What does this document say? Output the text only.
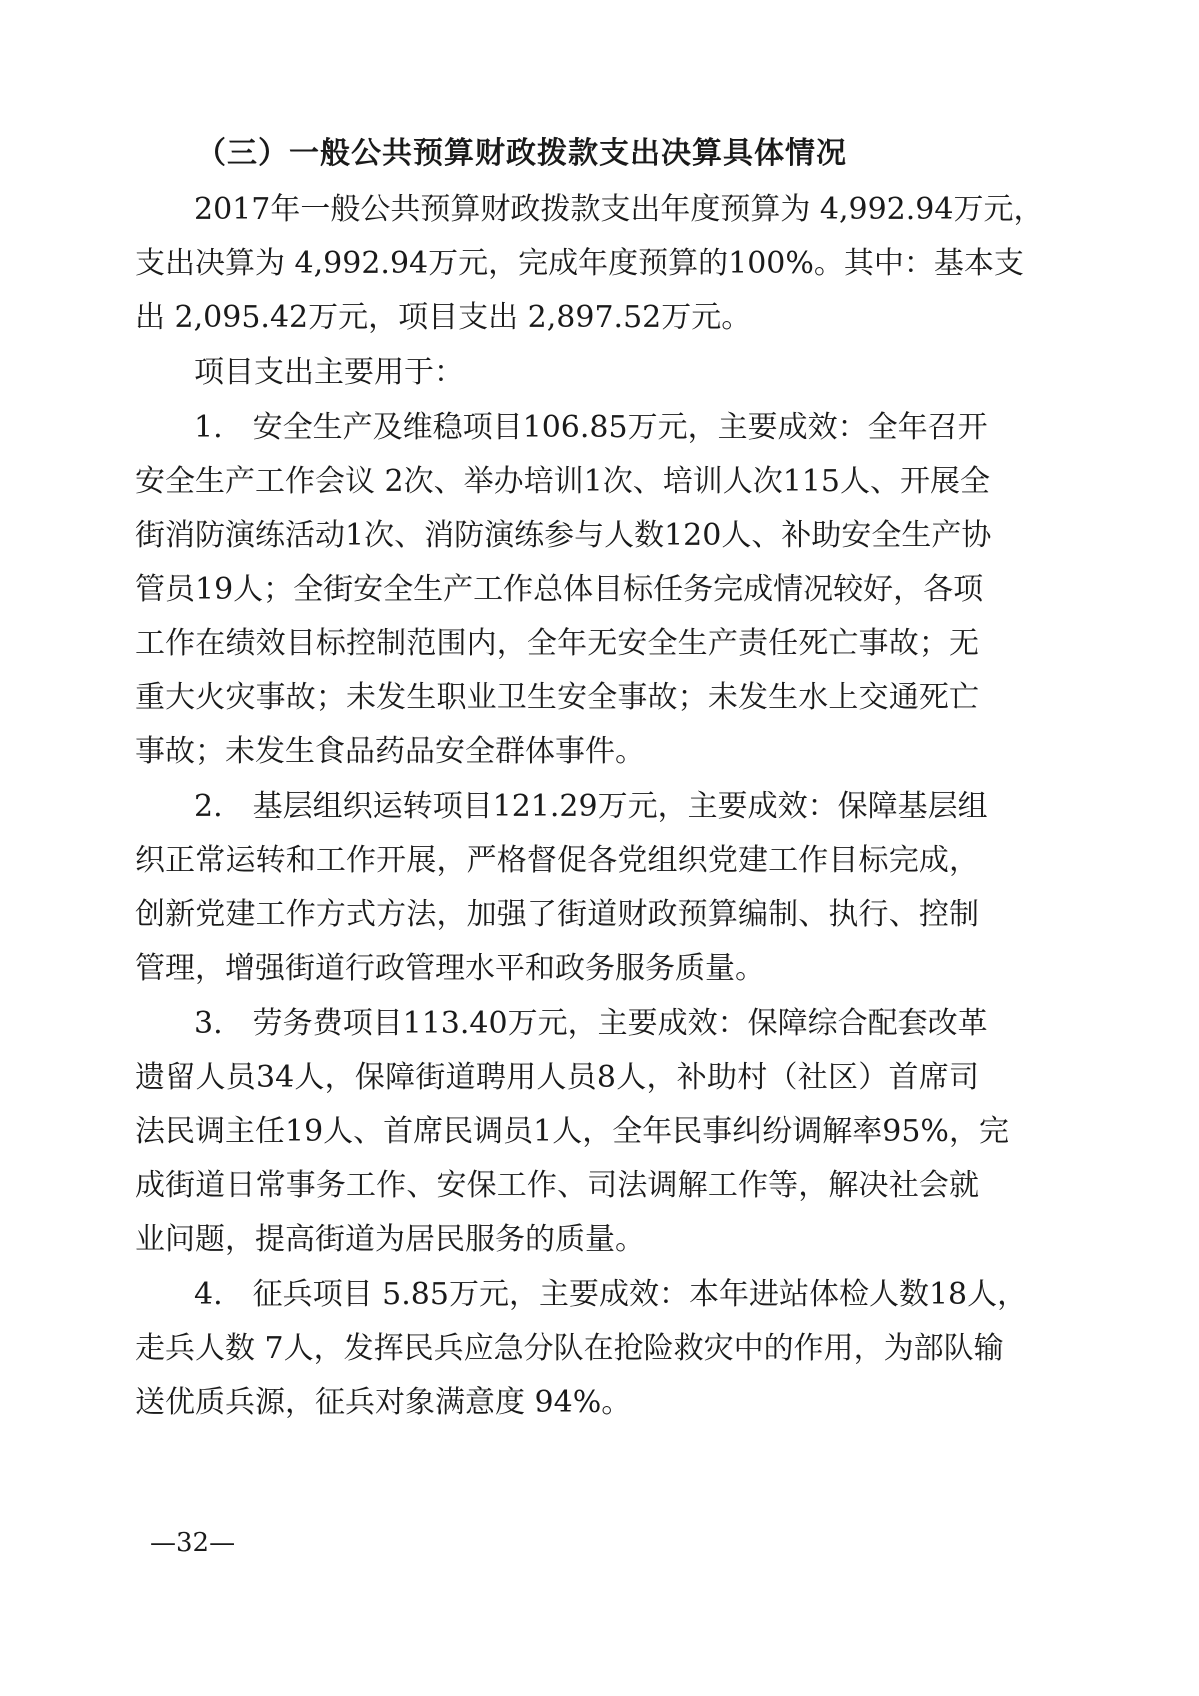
（三）一般公共预算财政拨款支出决算具体情况
2017年一般公共预算财政拨款支出年度预算为 4,992.94万元，
支出决算为 4,992.94万元，完成年度预算的100%。其中：基本支
出 2,095.42万元，项目支出 2,897.52万元。
项目支出主要用于：
1.　安全生产及维稳项目106.85万元，主要成效：全年召开
安全生产工作会议 2次、举办培训1次、培训人次115人、开展全
街消防演练活动1次、消防演练参与人数120人、补助安全生产协
管员19人；全街安全生产工作总体目标任务完成情况较好，各项
工作在绩效目标控制范围内，全年无安全生产责任死亡事故；无
重大火灾事故；未发生职业卫生安全事故；未发生水上交通死亡
事故；未发生食品药品安全群体事件。
2.　基层组织运转项目121.29万元，主要成效：保障基层组
织正常运转和工作开展，严格督促各党组织党建工作目标完成，
创新党建工作方式方法，加强了街道财政预算编制、执行、控制
管理，增强街道行政管理水平和政务服务质量。
3.　劳务费项目113.40万元，主要成效：保障综合配套改革
遗留人员34人，保障街道聘用人员8人，补助村（社区）首席司
法民调主任19人、首席民调员1人，全年民事纠纷调解率95%，完
成街道日常事务工作、安保工作、司法调解工作等，解决社会就
业问题，提高街道为居民服务的质量。
4.　征兵项目 5.85万元，主要成效：本年进站体检人数18人，
走兵人数 7人，发挥民兵应急分队在抢险救灾中的作用，为部队输
送优质兵源，征兵对象满意度 94%。
—32—
